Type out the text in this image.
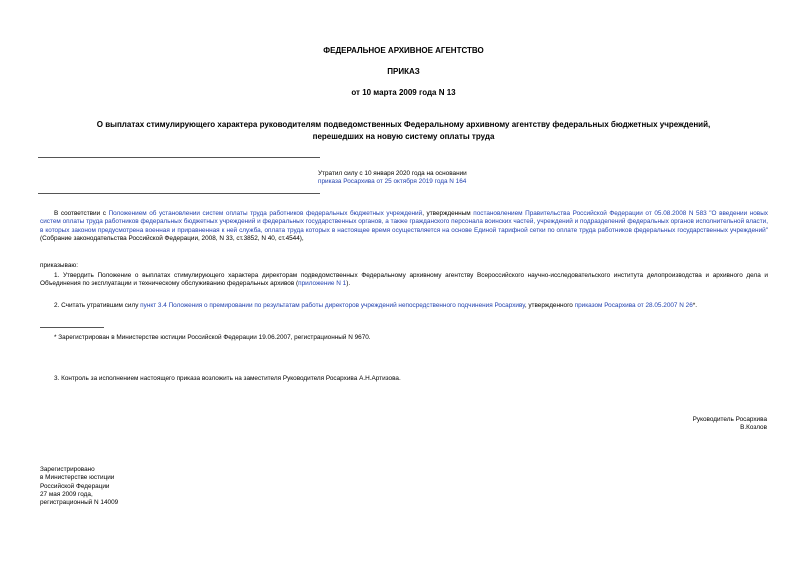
ФЕДЕРАЛЬНОЕ АРХИВНОЕ АГЕНТСТВО
ПРИКАЗ
от 10 марта 2009 года N 13
О выплатах стимулирующего характера руководителям подведомственных Федеральному архивному агентству федеральных бюджетных учреждений,
перешедших на новую систему оплаты труда
Утратил силу с 10 января 2020 года на основании
приказа Росархива от 25 октября 2019 года N 164
В соответствии с Положением об установлении систем оплаты труда работников федеральных бюджетных учреждений, утвержденным постановлением Правительства Российской Федерации от 05.08.2008 N 583 "О введении новых систем оплаты труда работников федеральных бюджетных учреждений и федеральных государственных органов, а также гражданского персонала воинских частей, учреждений и подразделений федеральных органов исполнительной власти, в которых законом предусмотрена военная и приравненная к ней служба, оплата труда которых в настоящее время осуществляется на основе Единой тарифной сетки по оплате труда работников федеральных государственных учреждений" (Собрание законодательства Российской Федерации, 2008, N 33, ст.3852, N 40, ст.4544),
приказываю:
1. Утвердить Положение о выплатах стимулирующего характера директорам подведомственных Федеральному архивному агентству Всероссийского научно-исследовательского института делопроизводства и архивного дела и Объединения по эксплуатации и техническому обслуживанию федеральных архивов (приложение N 1).
2. Считать утратившим силу пункт 3.4 Положения о премировании по результатам работы директоров учреждений непосредственного подчинения Росархиву, утвержденного приказом Росархива от 28.05.2007 N 26*.
* Зарегистрирован в Министерстве юстиции Российской Федерации 19.06.2007, регистрационный N 9670.
3. Контроль за исполнением настоящего приказа возложить на заместителя Руководителя Росархива А.Н.Артизова.
Руководитель Росархива
В.Козлов
Зарегистрировано
в Министерстве юстиции
Российской Федерации
27 мая 2009 года,
регистрационный N 14009
